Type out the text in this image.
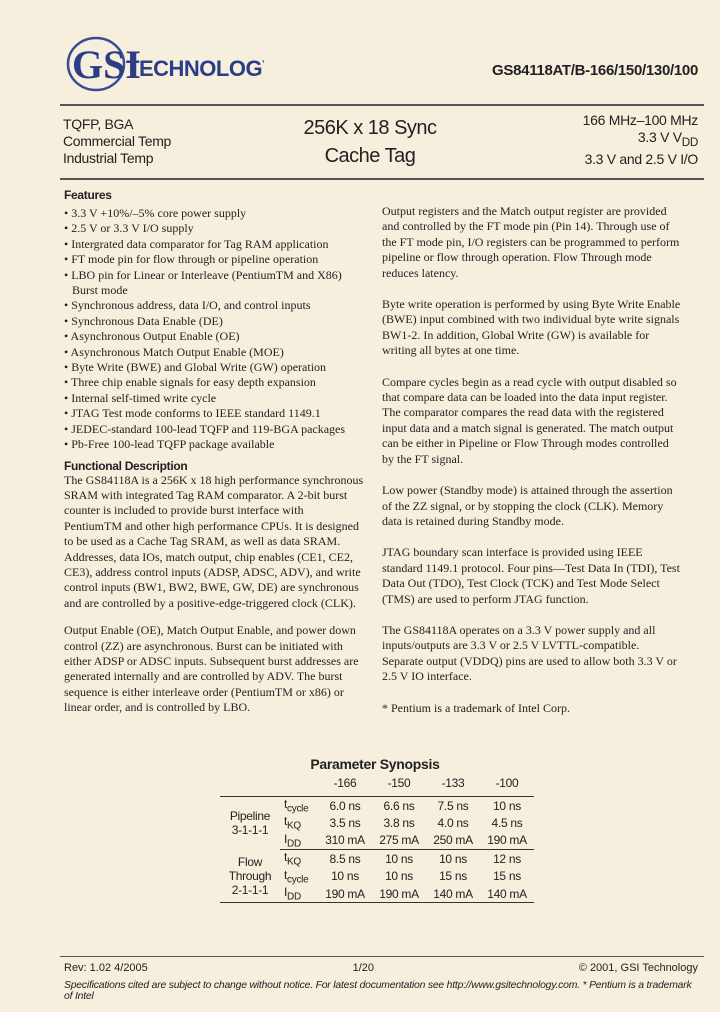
GSI
TECHNOLOGY	GS84118AT/B-166/150/130/100
TQFP, BGA
Commercial Temp
Industrial Temp
256K x 18 Sync
Cache Tag
166 MHz–100 MHz
3.3 V $V_{DD}$
3.3 V and 2.5 V I/O
Features
• 3.3 V +10%/–5% core power supply
• 2.5 V or 3.3 V I/O supply
• Intergrated data comparator for Tag RAM application
• FT mode pin for flow through or pipeline operation
• LBO pin for Linear or Interleave (PentiumTM and X86) Burst mode
• Synchronous address, data I/O, and control inputs
• Synchronous Data Enable (DE)
• Asynchronous Output Enable (OE)
• Asynchronous Match Output Enable (MOE)
• Byte Write (BWE) and Global Write (GW) operation
• Three chip enable signals for easy depth expansion
• Internal self-timed write cycle
• JTAG Test mode conforms to IEEE standard 1149.1
• JEDEC-standard 100-lead TQFP and 119-BGA packages
• Pb-Free 100-lead TQFP package available
Functional Description

The GS84118A is a 256K x 18 high performance synchronous SRAM with integrated Tag RAM comparator. A 2-bit burst counter is included to provide burst interface with PentiumTM and other high performance CPUs. It is designed to be used as a Cache Tag SRAM, as well as data SRAM. Addresses, data IOs, match output, chip enables (CE1, CE2, CE3), address control inputs (ADSP, ADSC, ADV), and write control inputs (BW1, BW2, BWE, GW, DE) are synchronous and are controlled by a positive-edge-triggered clock (CLK).

Output Enable (OE), Match Output Enable, and power down control (ZZ) are asynchronous. Burst can be initiated with either ADSP or ADSC inputs. Subsequent burst addresses are generated internally and are controlled by ADV. The burst sequence is either interleave order (PentiumTM or x86) or linear order, and is controlled by LBO.

Output registers and the Match output register are provided and controlled by the FT mode pin (Pin 14). Through use of the FT mode pin, I/O registers can be programmed to perform pipeline or flow through operation. Flow Through mode reduces latency.

Byte write operation is performed by using Byte Write Enable (BWE) input combined with two individual byte write signals BW1-2. In addition, Global Write (GW) is available for writing all bytes at one time.

Compare cycles begin as a read cycle with output disabled so that compare data can be loaded into the data input register. The comparator compares the read data with the registered input data and a match signal is generated. The match output can be either in Pipeline or Flow Through modes controlled by the FT signal.

Low power (Standby mode) is attained through the assertion of the ZZ signal, or by stopping the clock (CLK). Memory data is retained during Standby mode.

JTAG boundary scan interface is provided using IEEE standard 1149.1 protocol. Four pins—Test Data In (TDI), Test Data Out (TDO), Test Clock (TCK) and Test Mode Select (TMS) are used to perform JTAG function.

The GS84118A operates on a 3.3 V power supply and all inputs/outputs are 3.3 V or 2.5 V LVTTL-compatible. Separate output (VDDQ) pins are used to allow both 3.3 V or 2.5 V IO interface.

* Pentium is a trademark of Intel Corp.

Parameter Synopsis
		-166	-150	-133	-100
Pipeline
3-1-1-1	$t_{cycle}$	6.0 ns	6.6 ns	7.5 ns	10 ns
	$t_{KQ}$	3.5 ns	3.8 ns	4.0 ns	4.5 ns
	$I_{DD}$	310 mA	275 mA	250 mA	190 mA
Flow
Through
2-1-1-1	$t_{KQ}$	8.5 ns	10 ns	10 ns	12 ns
	$t_{cycle}$	10 ns	10 ns	15 ns	15 ns
	$I_{DD}$	190 mA	190 mA	140 mA	140 mA
Rev: 1.02 4/2005	1/20	© 2001, GSI Technology
Specifications cited are subject to change without notice. For latest documentation see http://www.gsitechnology.com. * Pentium is a trademark of Intel
